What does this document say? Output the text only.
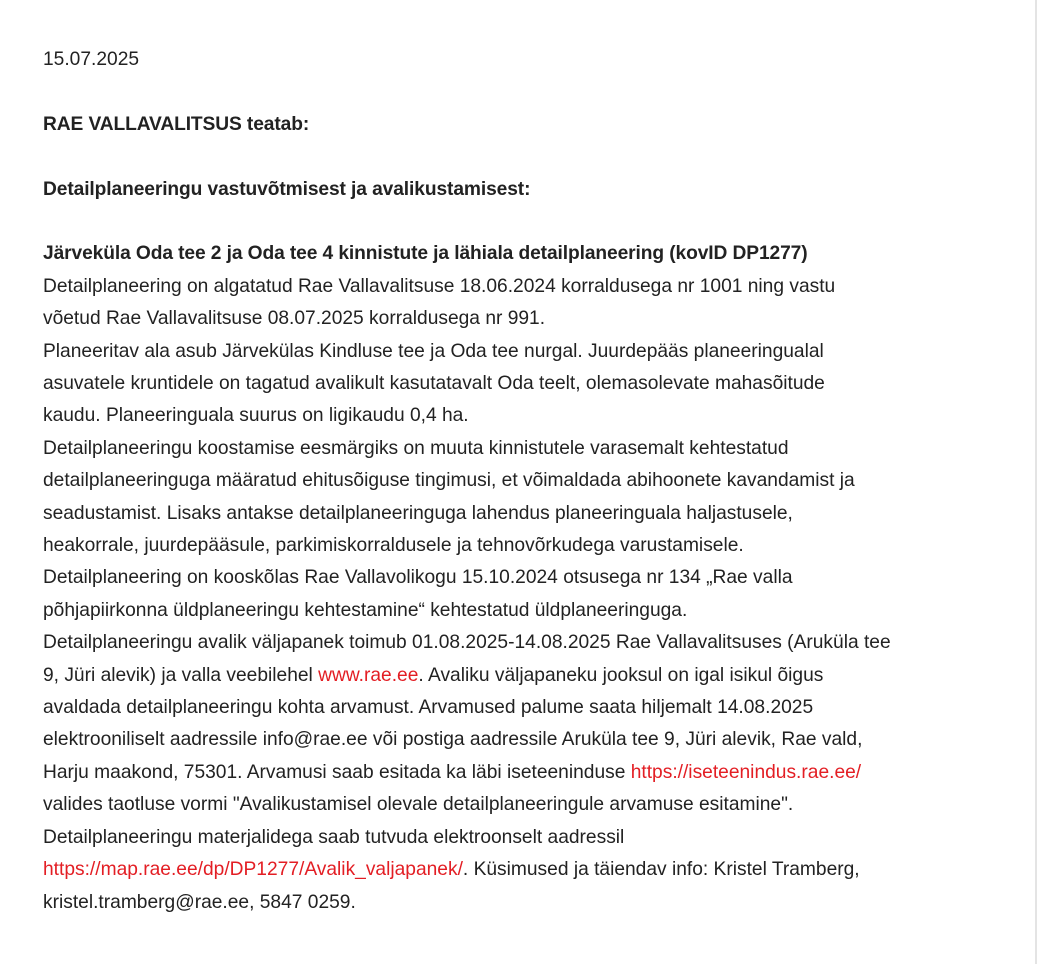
15.07.2025
RAE VALLAVALITSUS teatab:
Detailplaneeringu vastuvõtmisest ja avalikustamisest:
Järveküla Oda tee 2 ja Oda tee 4 kinnistute ja lähiala detailplaneering (kovID DP1277)
Detailplaneering on algatatud Rae Vallavalitsuse 18.06.2024 korraldusega nr 1001 ning vastu
võetud Rae Vallavalitsuse 08.07.2025 korraldusega nr 991.
Planeeritav ala asub Järvekülas Kindluse tee ja Oda tee nurgal. Juurdepääs planeeringualal
asuvatele kruntidele on tagatud avalikult kasutatavalt Oda teelt, olemasolevate mahasõitude
kaudu. Planeeringuala suurus on ligikaudu 0,4 ha.
Detailplaneeringu koostamise eesmärgiks on muuta kinnistutele varasemalt kehtestatud
detailplaneeringuga määratud ehitusõiguse tingimusi, et võimaldada abihoonete kavandamist ja
seadustamist. Lisaks antakse detailplaneeringuga lahendus planeeringuala haljastusele,
heakorrale, juurdepääsule, parkimiskorraldusele ja tehnovõrkudega varustamisele.
Detailplaneering on kooskõlas Rae Vallavolikogu 15.10.2024 otsusega nr 134 „Rae valla
põhjapiirkonna üldplaneeringu kehtestamine“ kehtestatud üldplaneeringuga.
Detailplaneeringu avalik väljapanek toimub 01.08.2025-14.08.2025 Rae Vallavalitsuses (Aruküla tee
9, Jüri alevik) ja valla veebilehel www.rae.ee. Avaliku väljapaneku jooksul on igal isikul õigus
avaldada detailplaneeringu kohta arvamust. Arvamused palume saata hiljemalt 14.08.2025
elektrooniliselt aadressile info@rae.ee või postiga aadressile Aruküla tee 9, Jüri alevik, Rae vald,
Harju maakond, 75301. Arvamusi saab esitada ka läbi iseteeninduse https://iseteenindus.rae.ee/
valides taotluse vormi "Avalikustamisel olevale detailplaneeringule arvamuse esitamine".
Detailplaneeringu materjalidega saab tutvuda elektroonselt aadressil
https://map.rae.ee/dp/DP1277/Avalik_valjapanek/. Küsimused ja täiendav info: Kristel Tramberg,
kristel.tramberg@rae.ee, 5847 0259.
